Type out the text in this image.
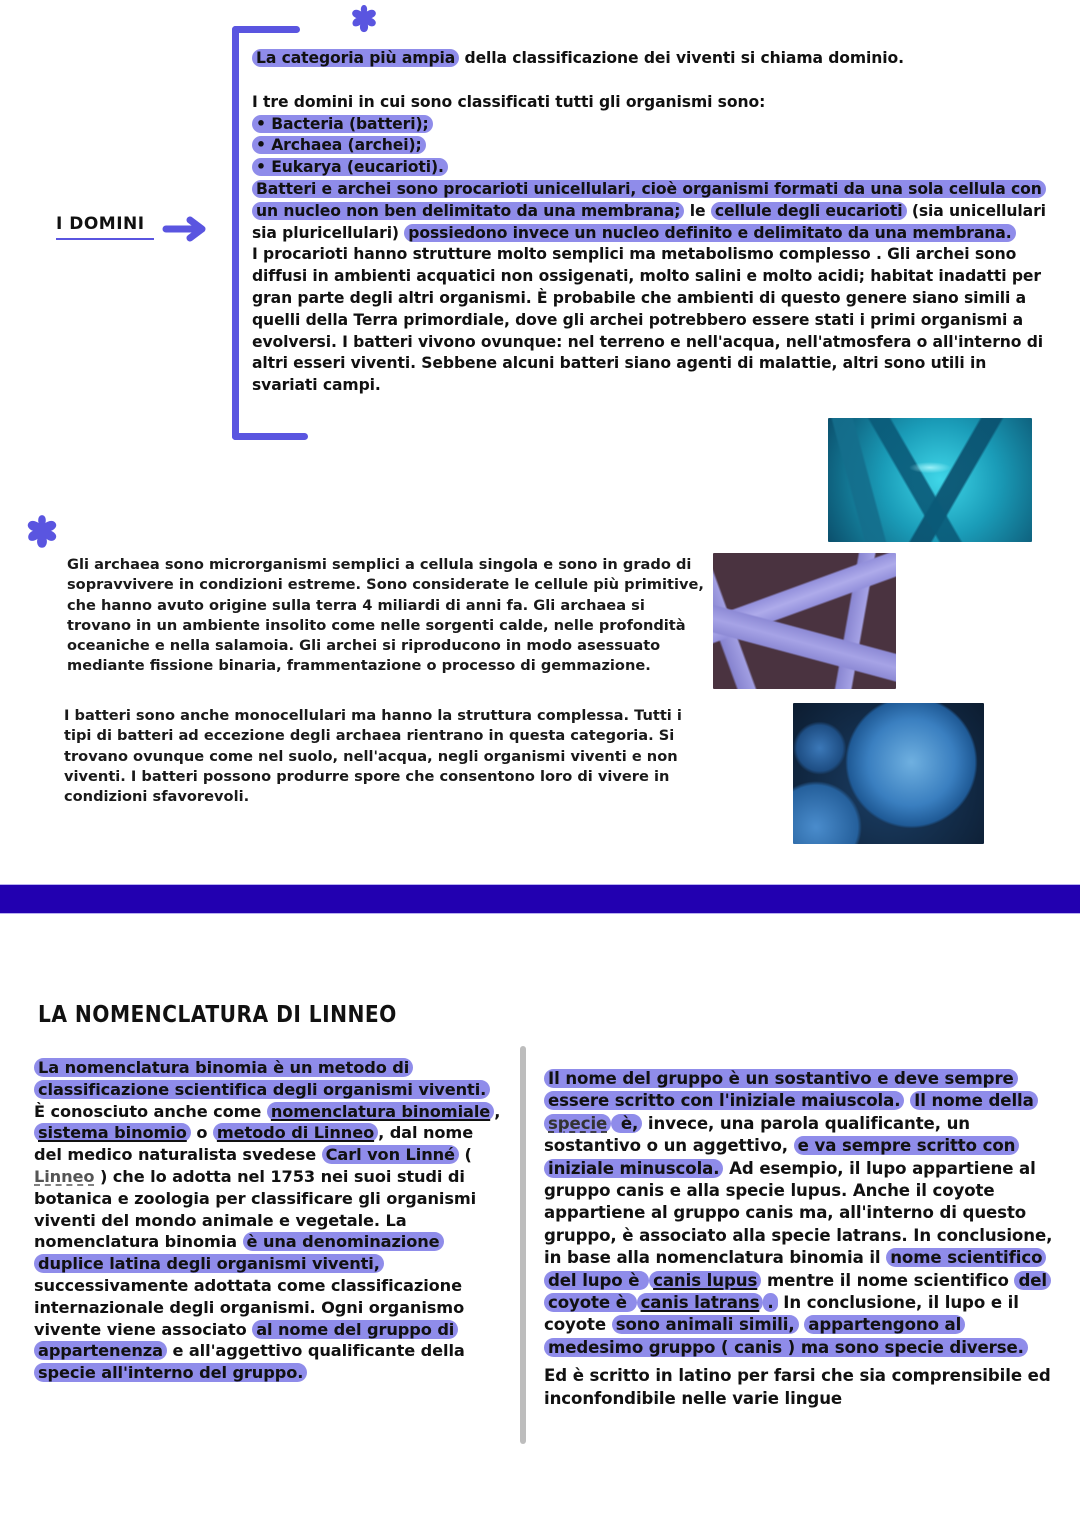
I DOMINI

La categoria più ampia della classificazione dei viventi si chiama dominio.

I tre domini in cui sono classificati tutti gli organismi sono:

• Bacteria (batteri);

• Archaea (archei);

• Eukarya (eucarioti).

Batteri e archei sono procarioti unicellulari, cioè organismi formati da una sola cellula con un nucleo non ben delimitato da una membrana; le cellule degli eucarioti (sia unicellulari sia pluricellulari) possiedono invece un nucleo definito e delimitato da una membrana.

I procarioti hanno strutture molto semplici ma metabolismo complesso . Gli archei sono diffusi in ambienti acquatici non ossigenati, molto salini e molto acidi; habitat inadatti per gran parte degli altri organismi. È probabile che ambienti di questo genere siano simili a quelli della Terra primordiale, dove gli archei potrebbero essere stati i primi organismi a evolversi. I batteri vivono ovunque: nel terreno e nell'acqua, nell'atmosfera o all'interno di altri esseri viventi. Sebbene alcuni batteri siano agenti di malattie, altri sono utili in svariati campi.

Gli archaea sono microrganismi semplici a cellula singola e sono in grado di sopravvivere in condizioni estreme. Sono considerate le cellule più primitive, che hanno avuto origine sulla terra 4 miliardi di anni fa. Gli archaea si trovano in un ambiente insolito come nelle sorgenti calde, nelle profondità oceaniche e nella salamoia. Gli archei si riproducono in modo asessuato mediante fissione binaria, frammentazione o processo di gemmazione.

I batteri sono anche monocellulari ma hanno la struttura complessa. Tutti i tipi di batteri ad eccezione degli archaea rientrano in questa categoria. Si trovano ovunque come nel suolo, nell'acqua, negli organismi viventi e non viventi. I batteri possono produrre spore che consentono loro di vivere in condizioni sfavorevoli.

LA NOMENCLATURA DI LINNEO
La nomenclatura binomia è un metodo di classificazione scientifica degli organismi viventi. È conosciuto anche come nomenclatura binomiale , sistema binomio o metodo di Linneo , dal nome del medico naturalista svedese Carl von Linné ( Linneo ) che lo adotta nel 1753 nei suoi studi di botanica e zoologia per classificare gli organismi viventi del mondo animale e vegetale. La nomenclatura binomia è una denominazione duplice latina degli organismi viventi, successivamente adottata come classificazione internazionale degli organismi. Ogni organismo vivente viene associato al nome del gruppo di appartenenza e all'aggettivo qualificante della specie all'interno del gruppo.

Il nome del gruppo è un sostantivo e deve sempre essere scritto con l'iniziale maiuscola. Il nome della specie è, invece, una parola qualificante, un sostantivo o un aggettivo, e va sempre scritto con iniziale minuscola. Ad esempio, il lupo appartiene al gruppo canis e alla specie lupus. Anche il coyote appartiene al gruppo canis ma, all'interno di questo gruppo, è associato alla specie latrans. In conclusione, in base alla nomenclatura binomia il nome scientifico del lupo è canis lupus mentre il nome scientifico del coyote è canis latrans . In conclusione, il lupo e il coyote sono animali simili, appartengono al medesimo gruppo ( canis ) ma sono specie diverse.

Ed è scritto in latino per farsi che sia comprensibile ed inconfondibile nelle varie lingue
